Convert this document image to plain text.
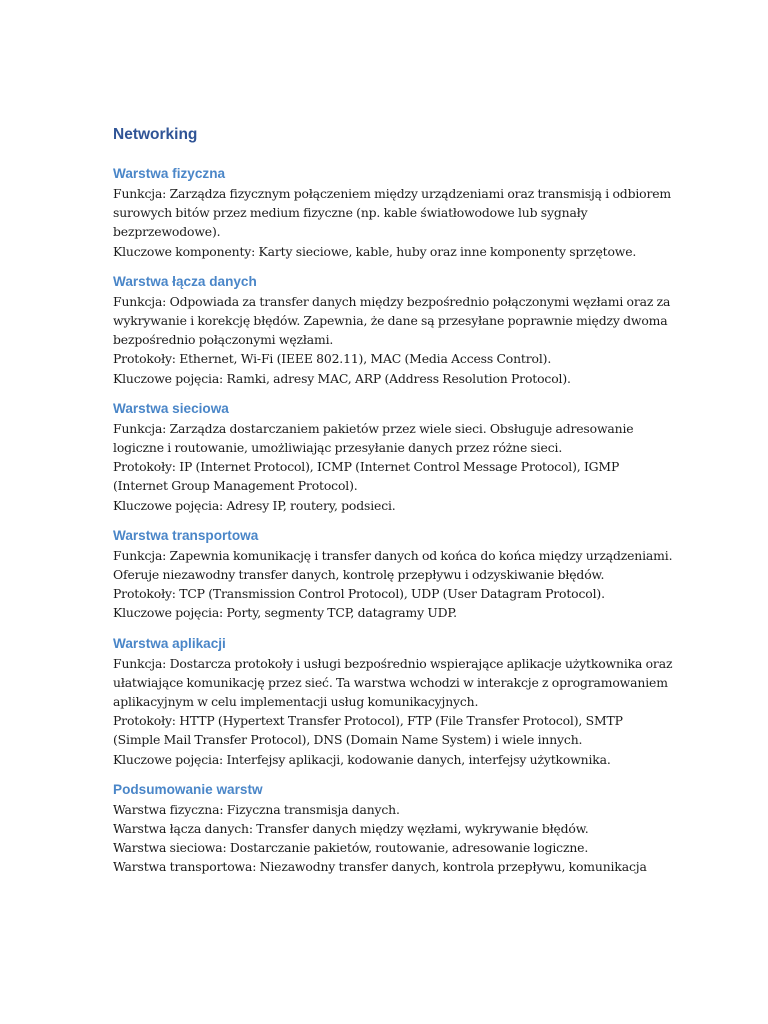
Networking
Warstwa fizyczna

Funkcja: Zarządza fizycznym połączeniem między urządzeniami oraz transmisją i odbiorem surowych bitów przez medium fizyczne (np. kable światłowodowe lub sygnały bezprzewodowe).

Kluczowe komponenty: Karty sieciowe, kable, huby oraz inne komponenty sprzętowe.

Warstwa łącza danych

Funkcja: Odpowiada za transfer danych między bezpośrednio połączonymi węzłami oraz za wykrywanie i korekcję błędów. Zapewnia, że dane są przesyłane poprawnie między dwoma bezpośrednio połączonymi węzłami.

Protokoły: Ethernet, Wi-Fi (IEEE 802.11), MAC (Media Access Control).

Kluczowe pojęcia: Ramki, adresy MAC, ARP (Address Resolution Protocol).

Warstwa sieciowa

Funkcja: Zarządza dostarczaniem pakietów przez wiele sieci. Obsługuje adresowanie logiczne i routowanie, umożliwiając przesyłanie danych przez różne sieci.

Protokoły: IP (Internet Protocol), ICMP (Internet Control Message Protocol), IGMP (Internet Group Management Protocol).

Kluczowe pojęcia: Adresy IP, routery, podsieci.

Warstwa transportowa

Funkcja: Zapewnia komunikację i transfer danych od końca do końca między urządzeniami. Oferuje niezawodny transfer danych, kontrolę przepływu i odzyskiwanie błędów.

Protokoły: TCP (Transmission Control Protocol), UDP (User Datagram Protocol).

Kluczowe pojęcia: Porty, segmenty TCP, datagramy UDP.

Warstwa aplikacji

Funkcja: Dostarcza protokoły i usługi bezpośrednio wspierające aplikacje użytkownika oraz ułatwiające komunikację przez sieć. Ta warstwa wchodzi w interakcje z oprogramowaniem aplikacyjnym w celu implementacji usług komunikacyjnych.

Protokoły: HTTP (Hypertext Transfer Protocol), FTP (File Transfer Protocol), SMTP (Simple Mail Transfer Protocol), DNS (Domain Name System) i wiele innych.

Kluczowe pojęcia: Interfejsy aplikacji, kodowanie danych, interfejsy użytkownika.

Podsumowanie warstw

Warstwa fizyczna: Fizyczna transmisja danych.

Warstwa łącza danych: Transfer danych między węzłami, wykrywanie błędów.

Warstwa sieciowa: Dostarczanie pakietów, routowanie, adresowanie logiczne.

Warstwa transportowa: Niezawodny transfer danych, kontrola przepływu, komunikacja
